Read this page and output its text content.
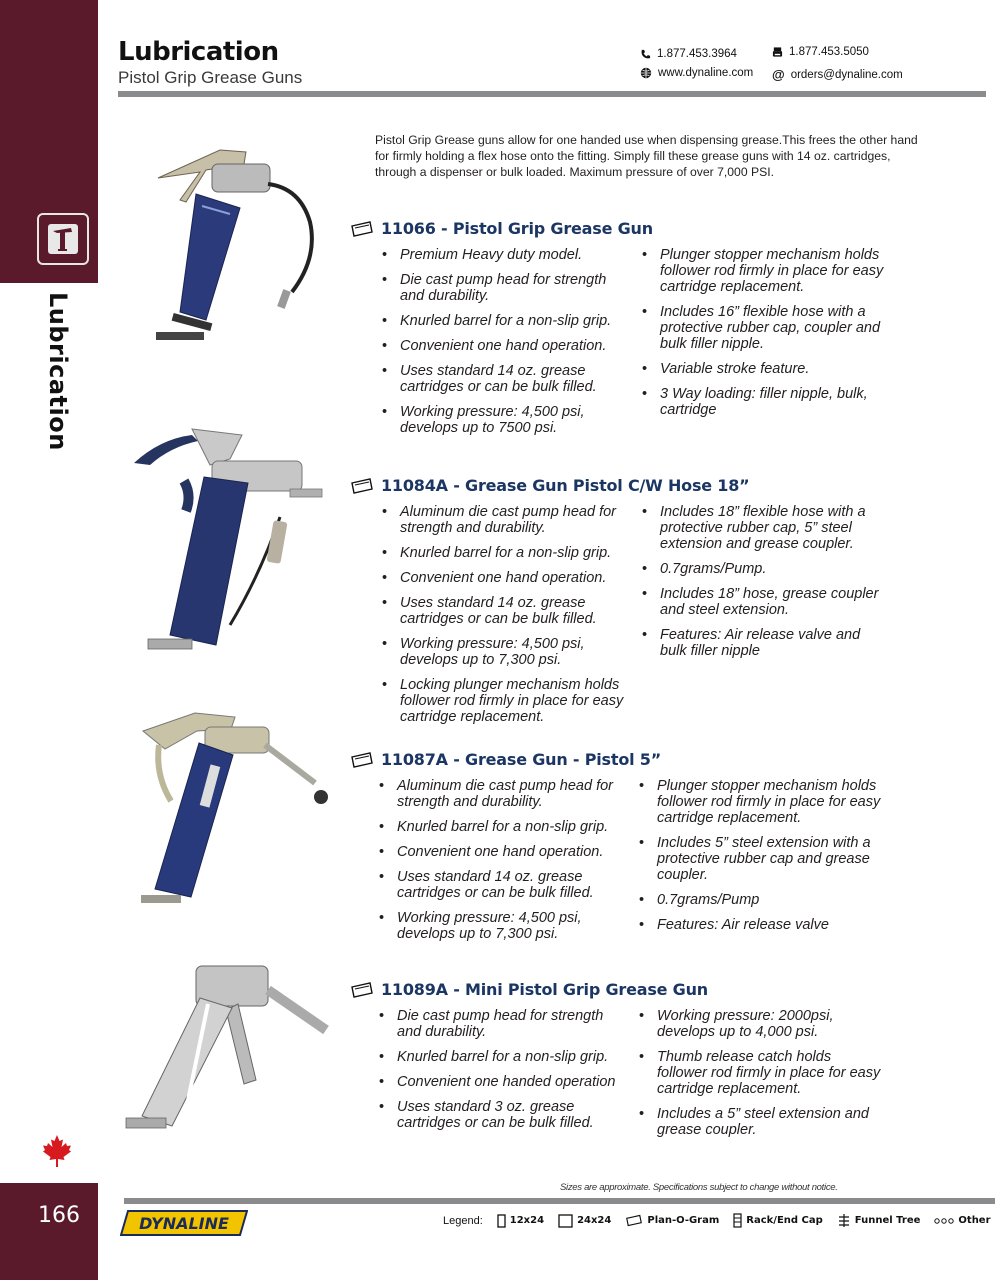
Lubrication
166
Lubrication
Pistol Grip Grease Guns
1.877.453.3964	1.877.453.5050
www.dynaline.com @ orders@dynaline.com
Pistol Grip Grease guns allow for one handed use when dispensing grease.This frees the other hand for firmly holding a flex hose onto the fitting. Simply fill these grease guns with 14 oz. cartridges, through a dispenser or bulk loaded. Maximum pressure of over 7,000 PSI.
11066 - Pistol Grip Grease Gun
• Premium Heavy duty model.
• Die cast pump head for strength and durability.
• Knurled barrel for a non-slip grip.
• Convenient one hand operation.
• Uses standard 14 oz. grease cartridges or can be bulk filled.
• Working pressure: 4,500 psi, develops up to 7500 psi.
• Plunger stopper mechanism holds follower rod firmly in place for easy cartridge replacement.
• Includes 16” flexible hose with a protective rubber cap, coupler and bulk filler nipple.
• Variable stroke feature.
• 3 Way loading: filler nipple, bulk, cartridge
11084A - Grease Gun Pistol C/W Hose 18”
• Aluminum die cast pump head for strength and durability.
• Knurled barrel for a non-slip grip.
• Convenient one hand operation.
• Uses standard 14 oz. grease cartridges or can be bulk filled.
• Working pressure: 4,500 psi, develops up to 7,300 psi.
• Locking plunger mechanism holds follower rod firmly in place for easy cartridge replacement.
• Includes 18” flexible hose with a protective rubber cap, 5” steel extension and grease coupler.
• 0.7grams/Pump.
• Includes 18” hose, grease coupler and steel extension.
• Features: Air release valve and bulk filler nipple
11087A - Grease Gun - Pistol 5”
• Aluminum die cast pump head for strength and durability.
• Knurled barrel for a non-slip grip.
• Convenient one hand operation.
• Uses standard 14 oz. grease cartridges or can be bulk filled.
• Working pressure: 4,500 psi, develops up to 7,300 psi.
• Plunger stopper mechanism holds follower rod firmly in place for easy cartridge replacement.
• Includes 5” steel extension with a protective rubber cap and grease coupler.
• 0.7grams/Pump
• Features: Air release valve
11089A - Mini Pistol Grip Grease Gun
• Die cast pump head for strength and durability.
• Knurled barrel for a non-slip grip.
• Convenient one handed operation
• Uses standard 3 oz. grease cartridges or can be bulk filled.
• Working pressure: 2000psi, develops up to 4,000 psi.
• Thumb release catch holds follower rod firmly in place for easy cartridge replacement.
• Includes a 5” steel extension and grease coupler.
Sizes are approximate. Specifications subject to change without notice.
DYNALINE	Legend:	12x24	24x24	Plan-O-Gram	Rack/End Cap	Funnel Tree	Other
